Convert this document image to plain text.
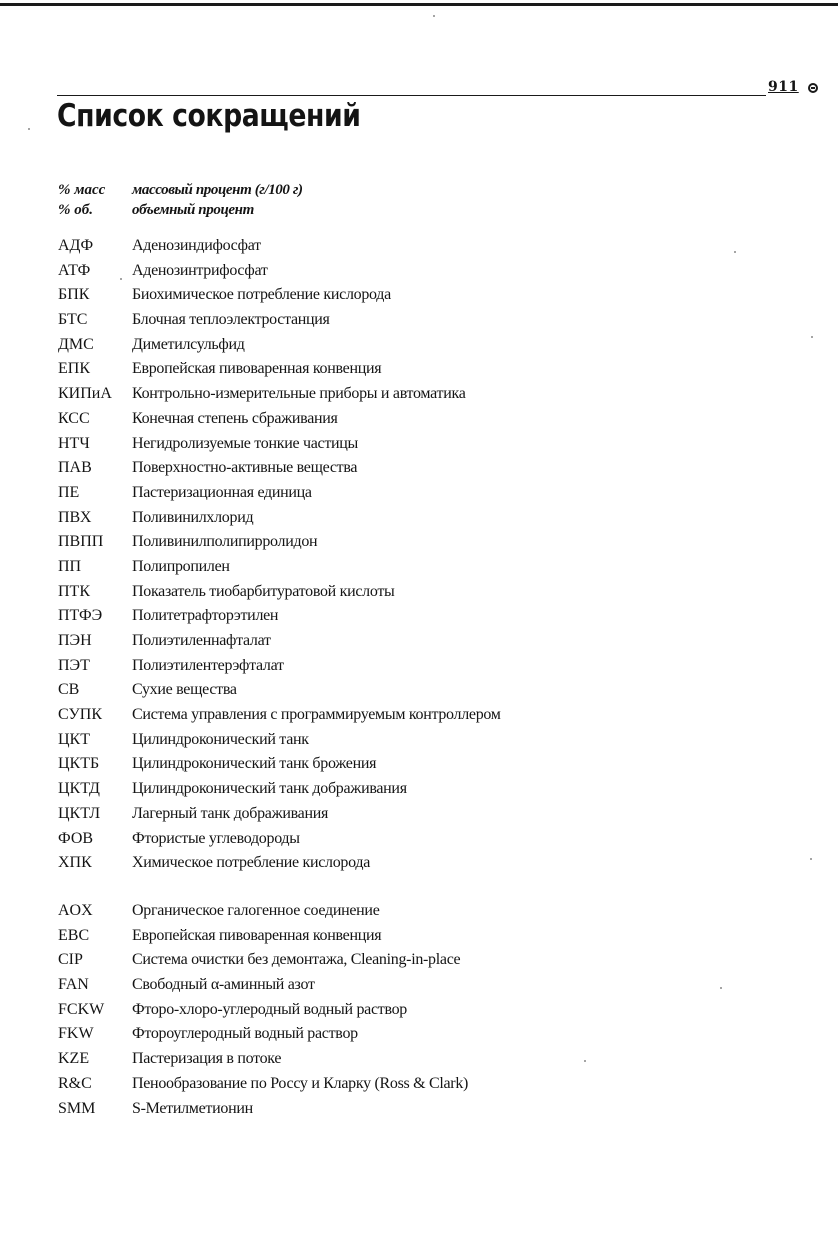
911
Список сокращений
% масс	массовый процент (г/100 г)
% об.	объемный процент
АДФ	Аденозиндифосфат
АТФ	Аденозинтрифосфат
БПК	Биохимическое потребление кислорода
БТС	Блочная теплоэлектростанция
ДМС	Диметилсульфид
ЕПК	Европейская пивоваренная конвенция
КИПиА	Контрольно-измерительные приборы и автоматика
КСС	Конечная степень сбраживания
НТЧ	Негидролизуемые тонкие частицы
ПАВ	Поверхностно-активные вещества
ПЕ	Пастеризационная единица
ПВХ	Поливинилхлорид
ПВПП	Поливинилполипирролидон
ПП	Полипропилен
ПТК	Показатель тиобарбитуратовой кислоты
ПТФЭ	Политетрафторэтилен
ПЭН	Полиэтиленнафталат
ПЭТ	Полиэтилентерэфталат
СВ	Сухие вещества
СУПК	Система управления с программируемым контроллером
ЦКТ	Цилиндроконический танк
ЦКТБ	Цилиндроконический танк брожения
ЦКТД	Цилиндроконический танк дображивания
ЦКТЛ	Лагерный танк дображивания
ФОВ	Фтористые углеводороды
ХПК	Химическое потребление кислорода
AOX	Органическое галогенное соединение
EBC	Европейская пивоваренная конвенция
CIP	Система очистки без демонтажа, Cleaning-in-place
FAN	Свободный α-аминный азот
FCKW	Фторо-хлоро-углеродный водный раствор
FKW	Фтороуглеродный водный раствор
KZE	Пастеризация в потоке
R&C	Пенообразование по Россу и Кларку (Ross & Clark)
SMM	S-Метилметионин
